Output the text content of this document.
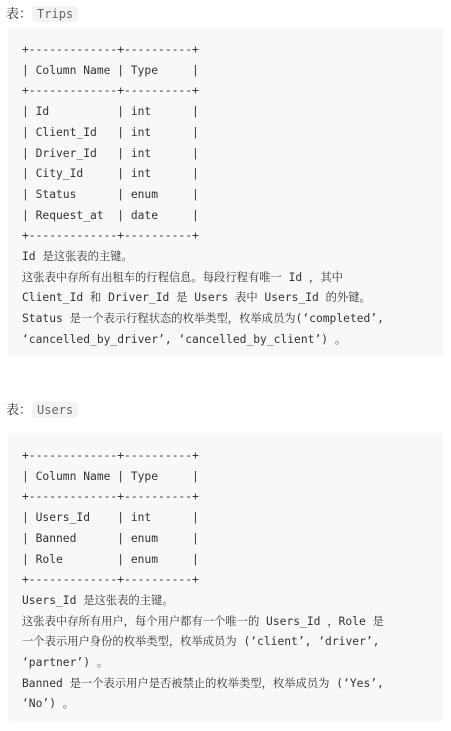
表： Trips
+-------------+----------+
| Column Name | Type     |
+-------------+----------+
| Id          | int      |
| Client_Id   | int      |
| Driver_Id   | int      |
| City_Id     | int      |
| Status      | enum     |
| Request_at  | date     |
+-------------+----------+
Id 是这张表的主键。
这张表中存所有出租车的行程信息。每段行程有唯一 Id ，其中
Client_Id 和 Driver_Id 是 Users 表中 Users_Id 的外键。
Status 是一个表示行程状态的枚举类型，枚举成员为(‘completed’,
‘cancelled_by_driver’, ‘cancelled_by_client’) 。
表： Users
+-------------+----------+
| Column Name | Type     |
+-------------+----------+
| Users_Id    | int      |
| Banned      | enum     |
| Role        | enum     |
+-------------+----------+
Users_Id 是这张表的主键。
这张表中存所有用户，每个用户都有一个唯一的 Users_Id ，Role 是
一个表示用户身份的枚举类型，枚举成员为 (‘client’, ‘driver’,
‘partner’) 。
Banned 是一个表示用户是否被禁止的枚举类型，枚举成员为 (‘Yes’,
‘No’) 。
